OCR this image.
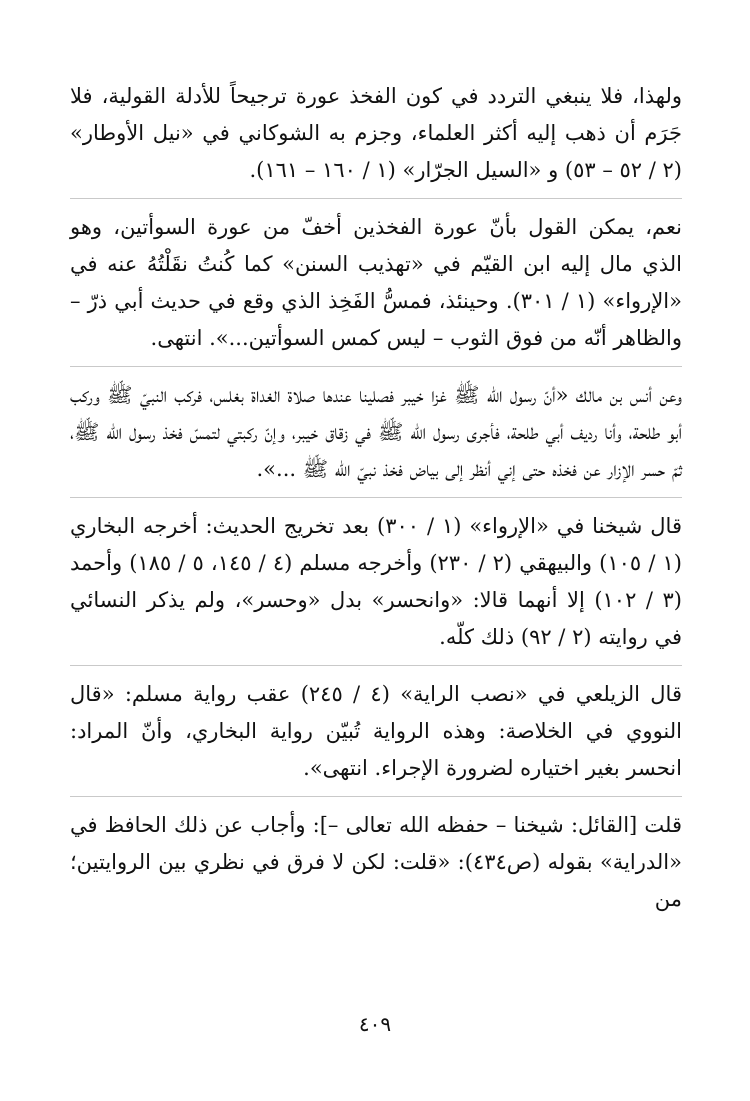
ولهذا، فلا ينبغي التردد في كون الفخذ عورة ترجيحاً للأدلة القولية، فلا جَرَم أن ذهب إليه أكثر العلماء، وجزم به الشوكاني في «نيل الأوطار» (٢ / ٥٢ – ٥٣) و «السيل الجرّار» (١ / ١٦٠ – ١٦١).

نعم، يمكن القول بأنّ عورة الفخذين أخفّ من عورة السوأتين، وهو الذي مال إليه ابن القيّم في «تهذيب السنن» كما كُنتُ نقَلْتُهُ عنه في «الإرواء» (١ / ٣٠١). وحينئذ، فمسُّ الفَخِذ الذي وقع في حديث أبي ذرّ – والظاهر أنّه من فوق الثوب – ليس كمس السوأتين...». انتهى.

وعن أنس بن مالك «أنّ رسول الله ﷺ غزا خيبر فصلينا عندها صلاة الغداة بغلس، فركب النبيّ ﷺ وركب أبو طلحة، وأنا رديف أبي طلحة، فأجرى رسول الله ﷺ في زقاق خيبر، وإنّ ركبتي لتمسّ فخذ رسول الله ﷺ، ثمّ حسر الإزار عن فخذه حتى إني أنظر إلى بياض فخذ نبيّ الله ﷺ ...».

قال شيخنا في «الإرواء» (١ / ٣٠٠) بعد تخريج الحديث: أخرجه البخاري (١ / ١٠٥) والبيهقي (٢ / ٢٣٠) وأخرجه مسلم (٤ / ١٤٥، ٥ / ١٨٥) وأحمد (٣ / ١٠٢) إلا أنهما قالا: «وانحسر» بدل «وحسر»، ولم يذكر النسائي في روايته (٢ / ٩٢) ذلك كلّه.

قال الزيلعي في «نصب الراية» (٤ / ٢٤٥) عقب رواية مسلم: «قال النووي في الخلاصة: وهذه الرواية تُبيّن رواية البخاري، وأنّ المراد: انحسر بغير اختياره لضرورة الإجراء. انتهى».

قلت [القائل: شيخنا – حفظه الله تعالى –]: وأجاب عن ذلك الحافظ في «الدراية» بقوله (ص٤٣٤): «قلت: لكن لا فرق في نظري بين الروايتين؛ من

٤٠٩
